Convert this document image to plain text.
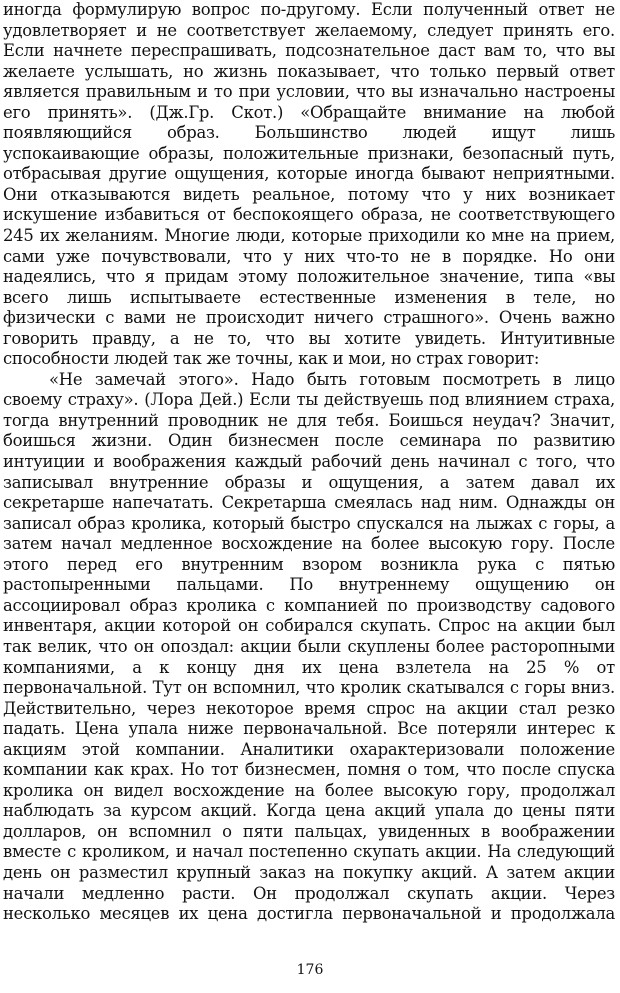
иногда формулирую вопрос по-другому. Если полученный ответ не
удовлетворяет и не соответствует желаемому, следует принять его.
Если начнете переспрашивать, подсознательное даст вам то, что вы
желаете услышать, но жизнь показывает, что только первый ответ
является правильным и то при условии, что вы изначально настроены
его принять». (Дж.Гр. Скот.) «Обращайте внимание на любой
появляющийся образ. Большинство людей ищут лишь
успокаивающие образы, положительные признаки, безопасный путь,
отбрасывая другие ощущения, которые иногда бывают неприятными.
Они отказываются видеть реальное, потому что у них возникает
искушение избавиться от беспокоящего образа, не соответствующего
245 их желаниям. Многие люди, которые приходили ко мне на прием,
сами уже почувствовали, что у них что-то не в порядке. Но они
надеялись, что я придам этому положительное значение, типа «вы
всего лишь испытываете естественные изменения в теле, но
физически с вами не происходит ничего страшного». Очень важно
говорить правду, а не то, что вы хотите увидеть. Интуитивные
способности людей так же точны, как и мои, но страх говорит:
«Не замечай этого». Надо быть готовым посмотреть в лицо
своему страху». (Лора Дей.) Если ты действуешь под влиянием страха,
тогда внутренний проводник не для тебя. Боишься неудач? Значит,
боишься жизни. Один бизнесмен после семинара по развитию
интуиции и воображения каждый рабочий день начинал с того, что
записывал внутренние образы и ощущения, а затем давал их
секретарше напечатать. Секретарша смеялась над ним. Однажды он
записал образ кролика, который быстро спускался на лыжах с горы, а
затем начал медленное восхождение на более высокую гору. После
этого перед его внутренним взором возникла рука с пятью
растопыренными пальцами. По внутреннему ощущению он
ассоциировал образ кролика с компанией по производству садового
инвентаря, акции которой он собирался скупать. Спрос на акции был
так велик, что он опоздал: акции были скуплены более расторопными
компаниями, а к концу дня их цена взлетела на 25 % от
первоначальной. Тут он вспомнил, что кролик скатывался с горы вниз.
Действительно, через некоторое время спрос на акции стал резко
падать. Цена упала ниже первоначальной. Все потеряли интерес к
акциям этой компании. Аналитики охарактеризовали положение
компании как крах. Но тот бизнесмен, помня о том, что после спуска
кролика он видел восхождение на более высокую гору, продолжал
наблюдать за курсом акций. Когда цена акций упала до цены пяти
долларов, он вспомнил о пяти пальцах, увиденных в воображении
вместе с кроликом, и начал постепенно скупать акции. На следующий
день он разместил крупный заказ на покупку акций. А затем акции
начали медленно расти. Он продолжал скупать акции. Через
несколько месяцев их цена достигла первоначальной и продолжала
176
